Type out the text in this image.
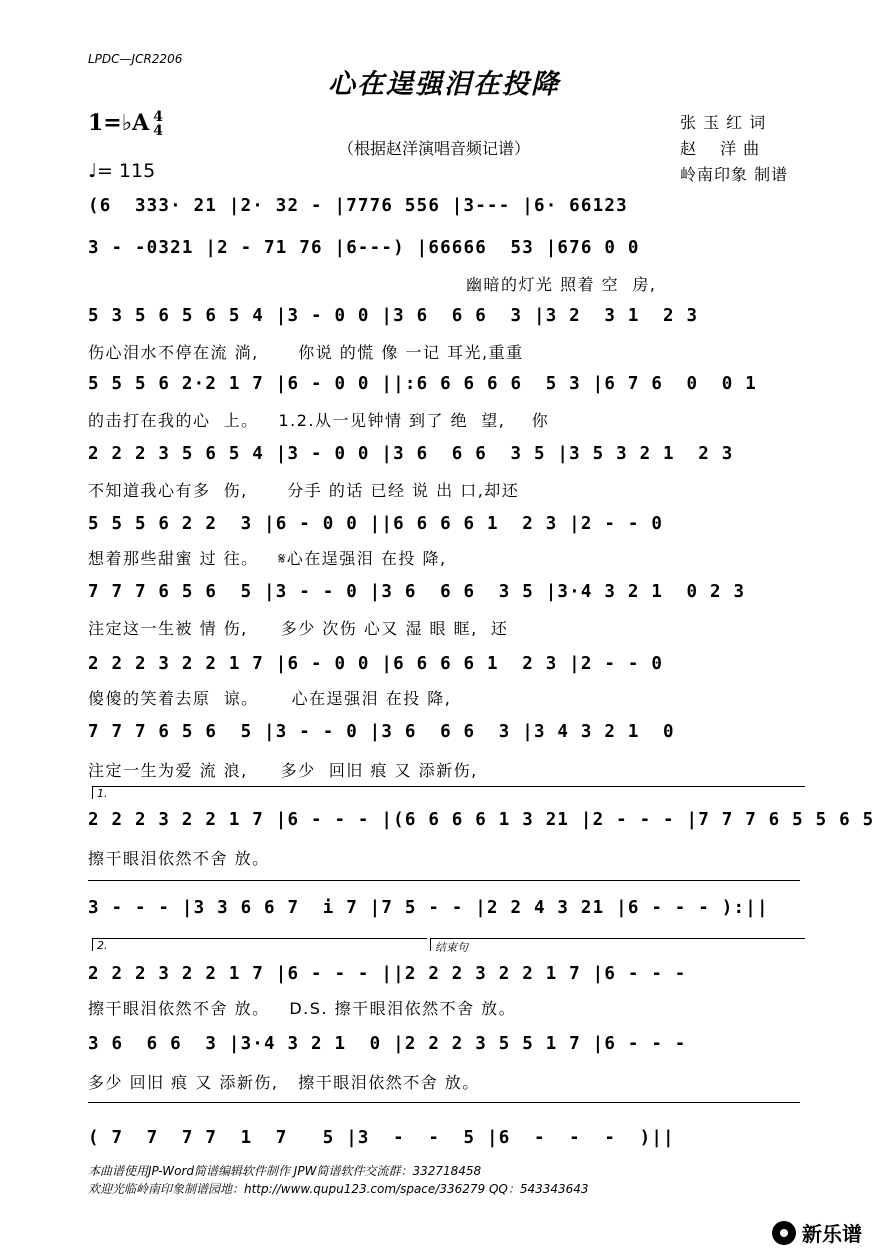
LPDC—JCR2206
心在逞强泪在投降
1=♭A 4
4
♩= 115
（根据赵洋演唱音频记谱）
张 玉 红 词
赵　 洋 曲
岭南印象 制谱
(6  333· 21 |2· 32 - |7776 556 |3--- |6· 66123
3 - -0321 |2 - 71 76 |6---) |66666  53 |676 0 0
幽暗的灯光 照着 空  房,
5 3 5 6 5 6 5 4 |3 - 0 0 |3 6  6 6  3 |3 2  3 1  2 3
伤心泪水不停在流 淌,      你说 的慌 像 一记 耳光,重重
5 5 5 6 2·2 1 7 |6 - 0 0 ||:6 6 6 6 6  5 3 |6 7 6  0  0 1
的击打在我的心  上。   1.2.从一见钟情 到了 绝  望,    你
2 2 2 3 5 6 5 4 |3 - 0 0 |3 6  6 6  3 5 |3 5 3 2 1  2 3
不知道我心有多  伤,      分手 的话 已经 说 出 口,却还
5 5 5 6 2 2  3 |6 - 0 0 ||6 6 6 6 1  2 3 |2 - - 0
想着那些甜蜜 过 往。   𝄋心在逞强泪 在投 降,
7 7 7 6 5 6  5 |3 - - 0 |3 6  6 6  3 5 |3·4 3 2 1  0 2 3
注定这一生被 情 伤,     多少 次伤 心又 湿 眼 眶,  还
2 2 2 3 2 2 1 7 |6 - 0 0 |6 6 6 6 1  2 3 |2 - - 0
傻傻的笑着去原  谅。     心在逞强泪 在投 降,
7 7 7 6 5 6  5 |3 - - 0 |3 6  6 6  3 |3 4 3 2 1  0
注定一生为爱 流 浪,     多少  回旧 痕 又 添新伤,
1.
2 2 2 3 2 2 1 7 |6 - - - |(6 6 6 6 1 3 21 |2 - - - |7 7 7 6 5 5 6 5
擦干眼泪依然不舍 放。
3 - - - |3 3 6 6 7  i 7 |7 5 - - |2 2 4 3 21 |6 - - - ):||
2.	结束句
2 2 2 3 2 2 1 7 |6 - - - ||2 2 2 3 2 2 1 7 |6 - - -
擦干眼泪依然不舍 放。   D.S. 擦干眼泪依然不舍 放。
3 6  6 6  3 |3·4 3 2 1  0 |2 2 2 3 5 5 1 7 |6 - - -
多少 回旧 痕 又 添新伤,   擦干眼泪依然不舍 放。
( 7  7  7 7  1  7   5 |3  -  -  5 |6  -  -  -  )||
本曲谱使用JP-Word简谱编辑软件制作 JPW简谱软件交流群：332718458
欢迎光临岭南印象制谱园地：http://www.qupu123.com/space/336279 QQ：543343643
新乐谱
